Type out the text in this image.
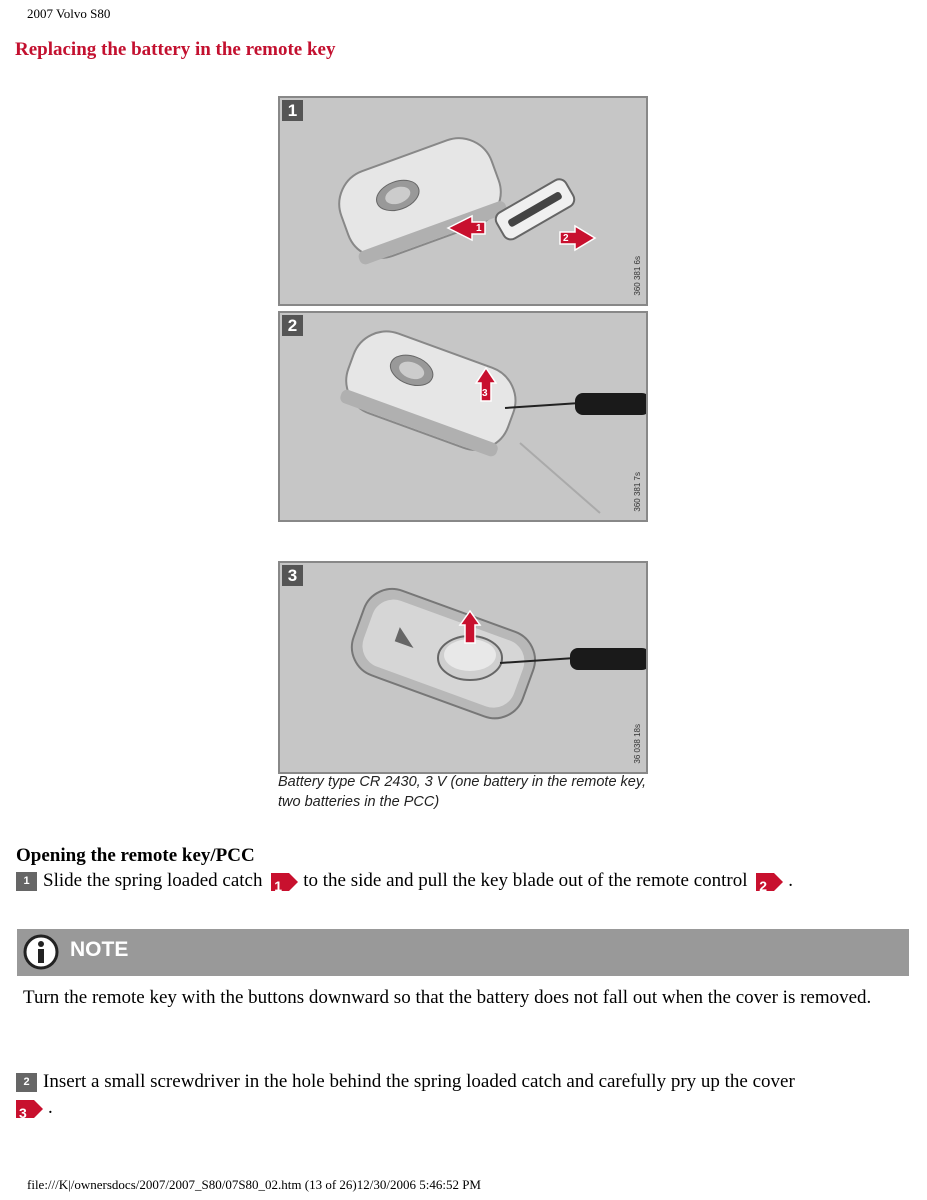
2007 Volvo S80
Replacing the battery in the remote key
1
2
1
360 381 6s
3
2
360 381 7s
3
36 038 18s
Battery type CR 2430, 3 V (one battery in the remote key, two batteries in the PCC)
Opening the remote key/PCC
1 Slide the spring loaded catch 1 to the side and pull the key blade out of the remote control 2 .
NOTE
Turn the remote key with the buttons downward so that the battery does not fall out when the cover is removed.
2 Insert a small screwdriver in the hole behind the spring loaded catch and carefully pry up the cover

3 .
file:///K|/ownersdocs/2007/2007_S80/07S80_02.htm (13 of 26)12/30/2006 5:46:52 PM
